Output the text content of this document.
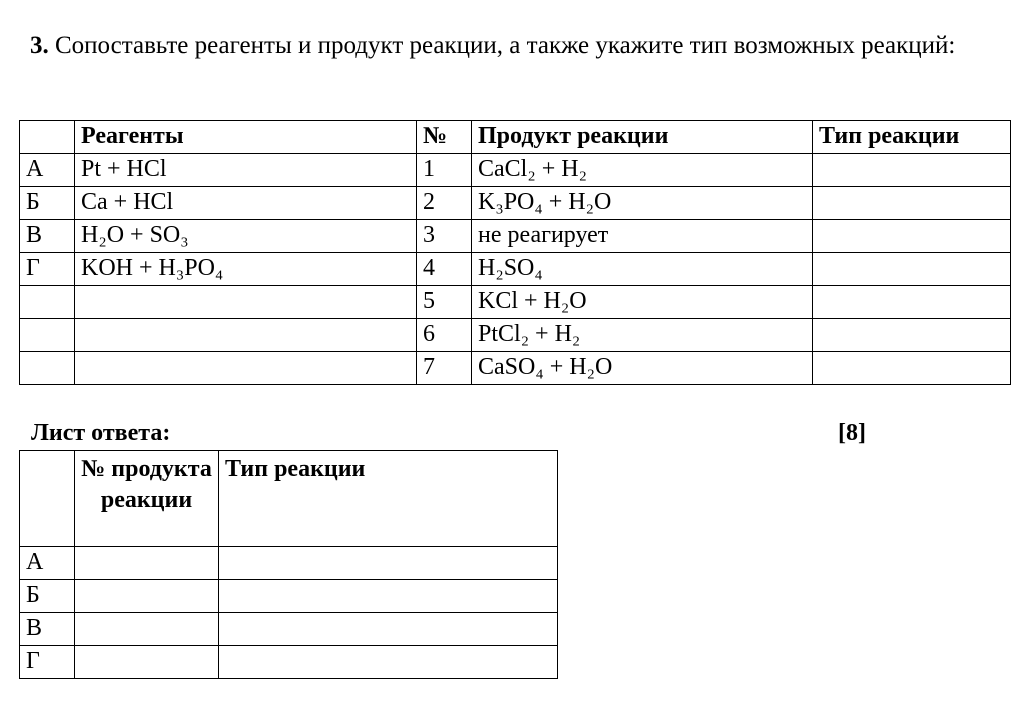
3. Сопоставьте реагенты и продукт реакции, а также укажите тип возможных реакций:
	Реагенты	№	Продукт реакции	Тип реакции
А	Pt + HCl	1	CaCl₂ + H₂	
Б	Ca + HCl	2	K₃PO₄ + H₂O	
В	H₂O + SO₃	3	не реагирует	
Г	KOH + H₃PO₄	4	H₂SO₄	
		5	KCl + H₂O	
		6	PtCl₂ + H₂	
		7	CaSO₄ + H₂O	
Лист ответа:	[8]
	№ продукта реакции	Тип реакции
А		
Б		
В		
Г		
